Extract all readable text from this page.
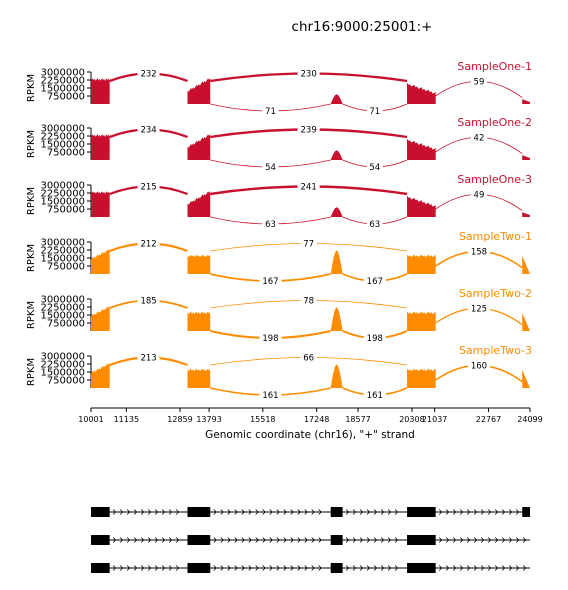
chr16:9000:25001:+
750000
1500000
2250000
3000000
RPKM
SampleOne-1
232	230
71	71
59
750000
1500000
2250000
3000000
RPKM
SampleOne-2
234	239
54	54
42
750000
1500000
2250000
3000000
RPKM
SampleOne-3
215	241
63	63
49
750000
1500000
2250000
3000000
RPKM
SampleTwo-1
212	77
167	167
158
750000
1500000
2250000
3000000
RPKM
SampleTwo-2
185	78
198	198
125
750000
1500000
2250000
3000000
RPKM
SampleTwo-3
213	66
161	161
160
10001 11135	12859 13793	15518	17248 18577	20308
21037	22767 24099
Genomic coordinate (chr16), "+" strand
